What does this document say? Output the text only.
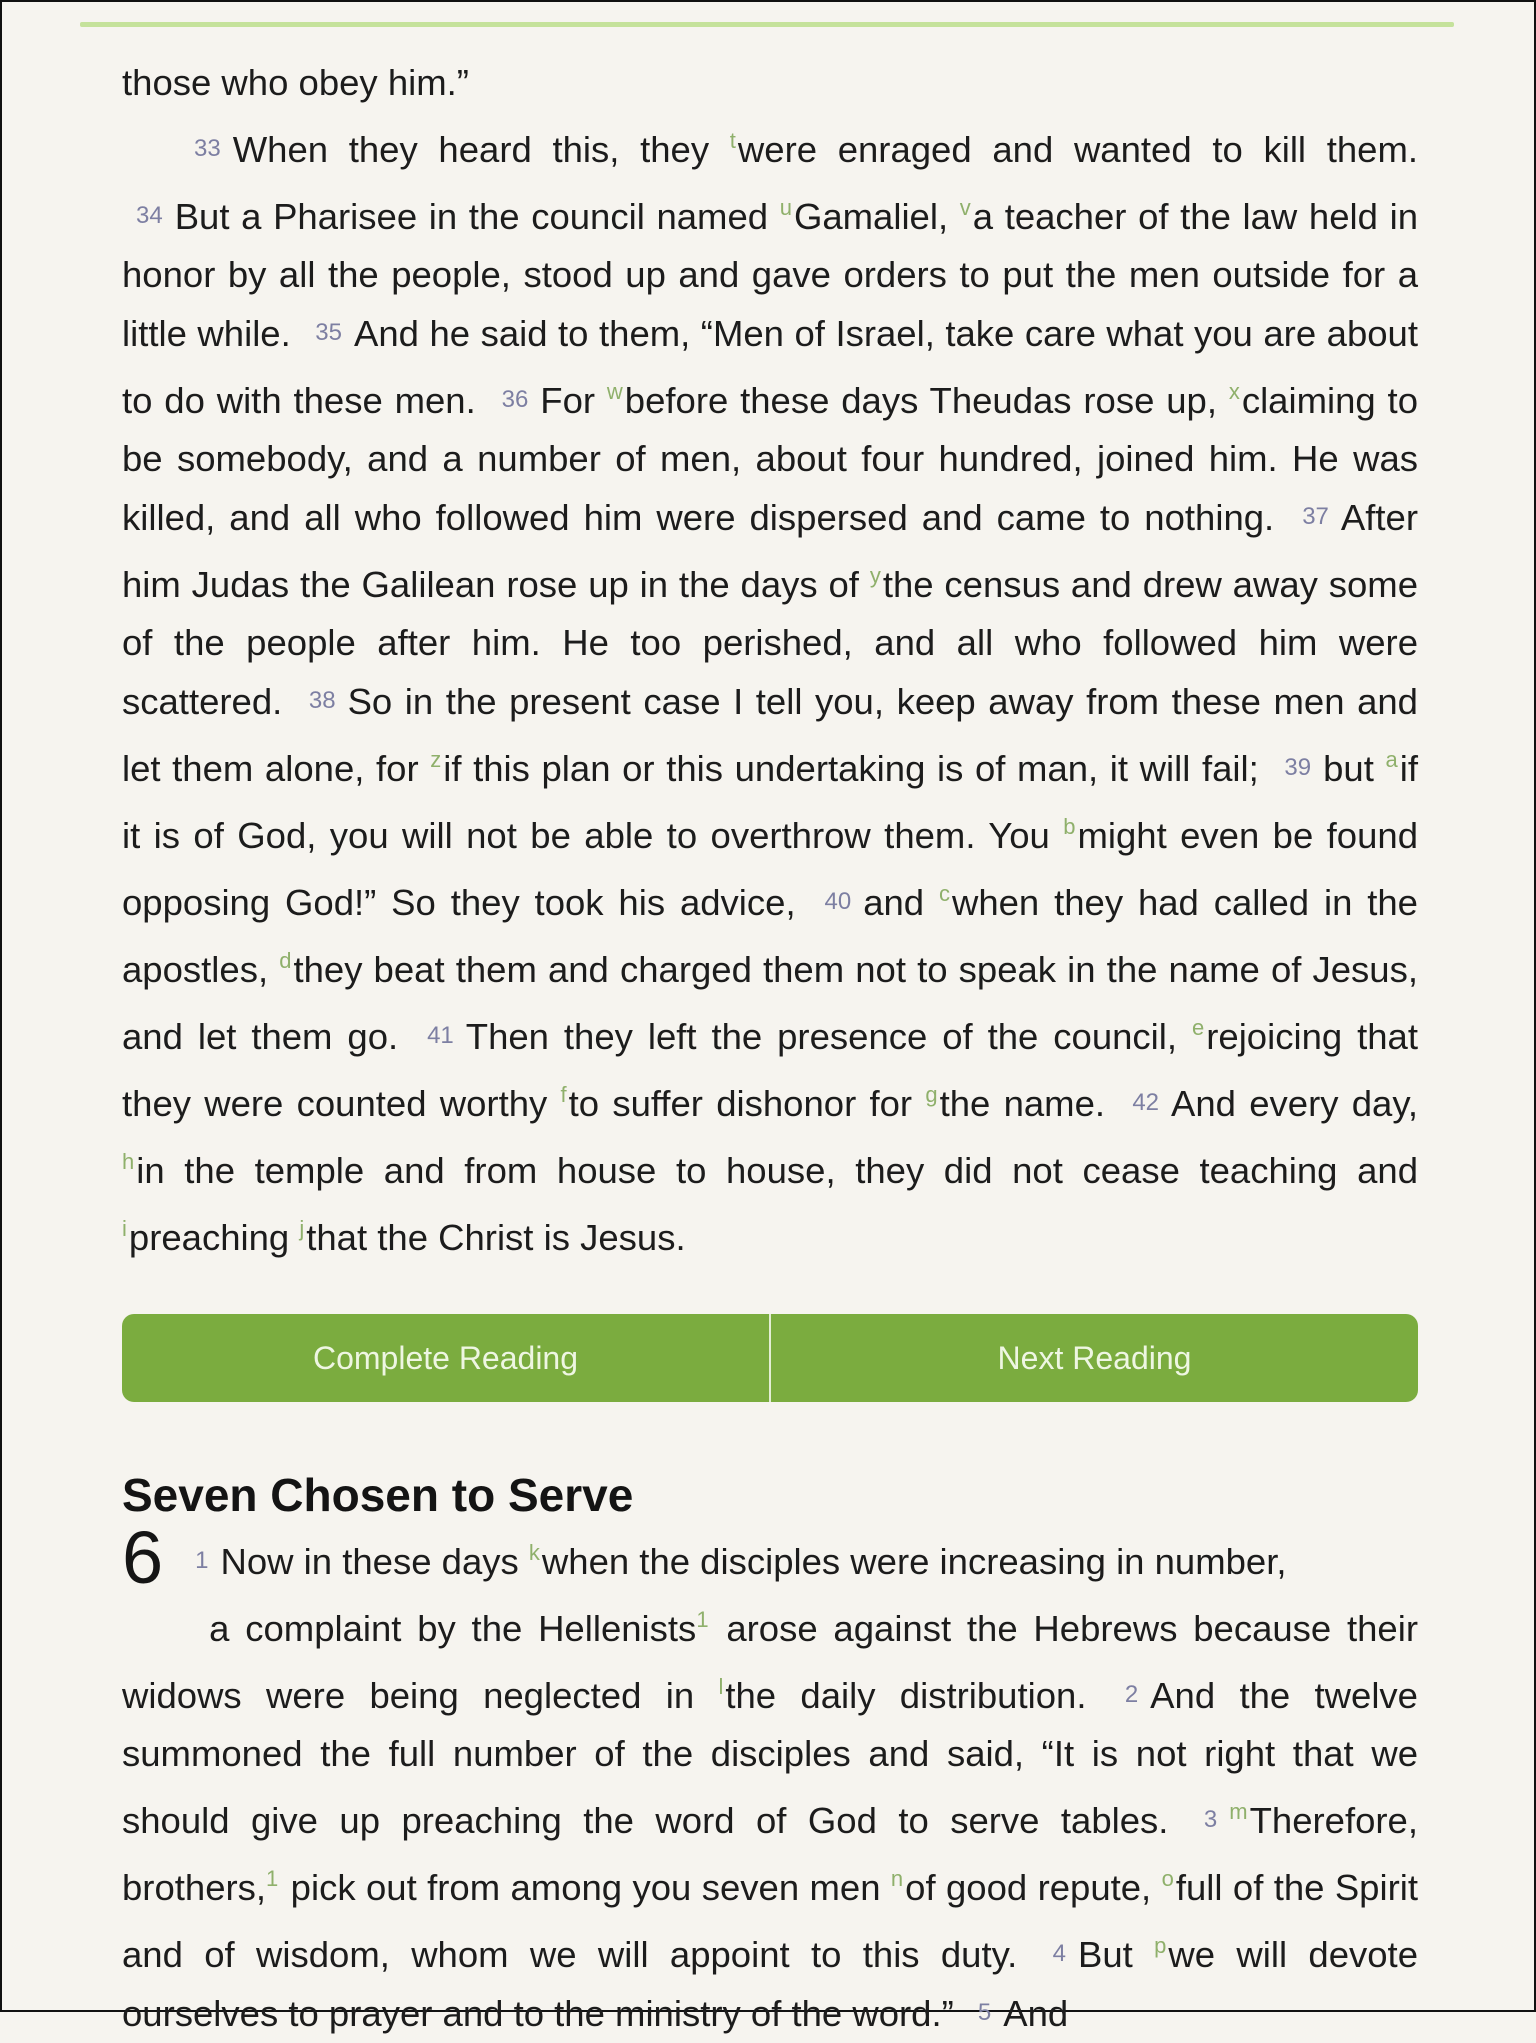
those who obey him.”
33 When they heard this, they $^t$were enraged and wanted to kill them. 34 But a Pharisee in the council named $^u$Gamaliel, $^v$a teacher of the law held in honor by all the people, stood up and gave orders to put the men outside for a little while. 35 And he said to them, “Men of Israel, take care what you are about to do with these men. 36 For $^w$before these days Theudas rose up, $^x$claiming to be somebody, and a number of men, about four hundred, joined him. He was killed, and all who followed him were dispersed and came to nothing. 37 After him Judas the Galilean rose up in the days of $^y$the census and drew away some of the people after him. He too perished, and all who followed him were scattered. 38 So in the present case I tell you, keep away from these men and let them alone, for $^z$if this plan or this undertaking is of man, it will fail; 39 but $^a$if it is of God, you will not be able to overthrow them. You $^b$might even be found opposing God!” So they took his advice, 40 and $^c$when they had called in the apostles, $^d$they beat them and charged them not to speak in the name of Jesus, and let them go. 41 Then they left the presence of the council, $^e$rejoicing that they were counted worthy $^f$to suffer dishonor for $^g$the name. 42 And every day, $^h$in the temple and from house to house, they did not cease teaching and $^i$preaching $^j$that the Christ is Jesus.

Complete Reading	Next Reading
Seven Chosen to Serve
6	1 Now in these days $^k$when the disciples were increasing in number,
a complaint by the Hellenists$^1$ arose against the Hebrews because their widows were being neglected in $^l$the daily distribution. 2 And the twelve summoned the full number of the disciples and said, “It is not right that we should give up preaching the word of God to serve tables. 3 $^m$Therefore, brothers,$^1$ pick out from among you seven men $^n$of good repute, $^o$full of the Spirit and of wisdom, whom we will appoint to this duty. 4 But $^p$we will devote ourselves to prayer and to the ministry of the word.” 5 And
